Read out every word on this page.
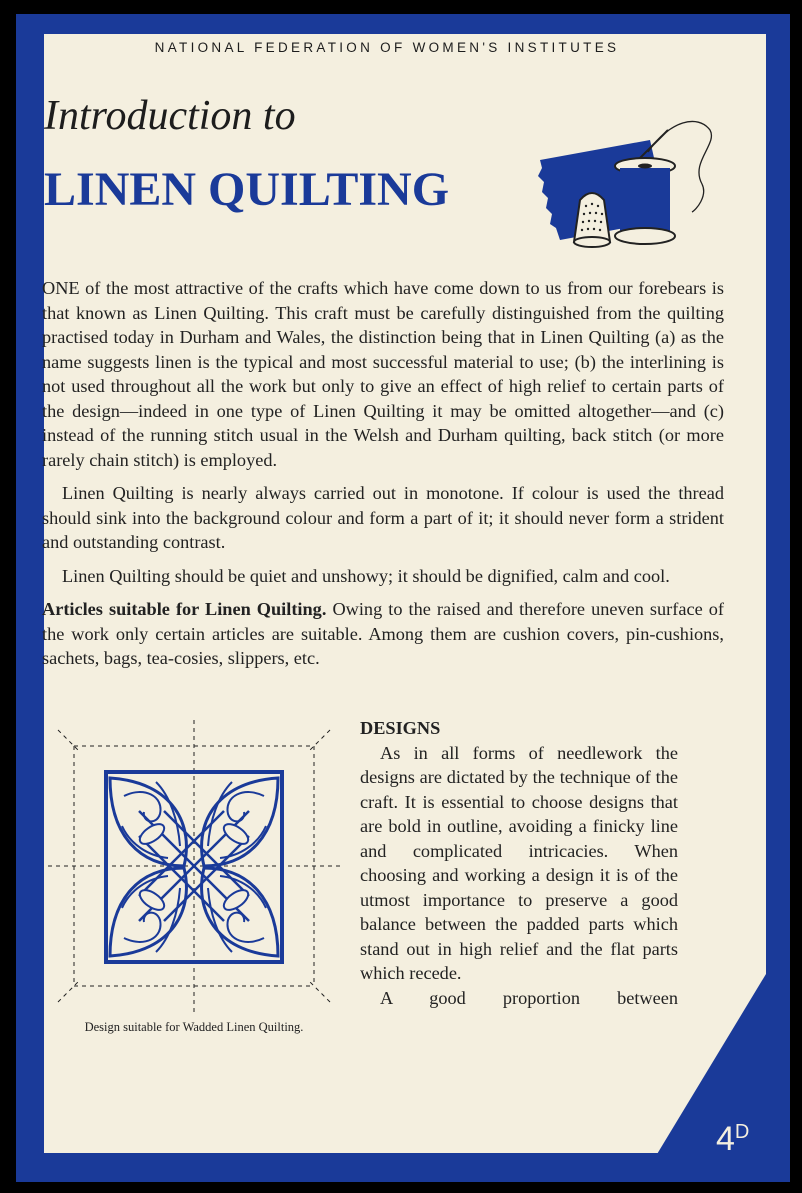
NATIONAL FEDERATION OF WOMEN'S INSTITUTES
Introduction to
LINEN QUILTING

ONE of the most attractive of the crafts which have come down to us from our forebears is that known as Linen Quilting. This craft must be carefully distinguished from the quilting practised today in Durham and Wales, the distinction being that in Linen Quilting (a) as the name suggests linen is the typical and most successful material to use; (b) the interlining is not used throughout all the work but only to give an effect of high relief to certain parts of the design—indeed in one type of Linen Quilting it may be omitted altogether—and (c) instead of the running stitch usual in the Welsh and Durham quilting, back stitch (or more rarely chain stitch) is employed.

Linen Quilting is nearly always carried out in monotone. If colour is used the thread should sink into the background colour and form a part of it; it should never form a strident and outstanding contrast.

Linen Quilting should be quiet and unshowy; it should be dignified, calm and cool.

Articles suitable for Linen Quilting. Owing to the raised and therefore uneven surface of the work only certain articles are suitable. Among them are cushion covers, pin-cushions, sachets, bags, tea-cosies, slippers, etc.

Design suitable for Wadded Linen Quilting.
DESIGNS
As in all forms of needlework the designs are dictated by the technique of the craft. It is essential to choose designs that are bold in outline, avoiding a finicky line and complicated intricacies. When choosing and working a design it is of the utmost importance to preserve a good balance between the padded parts which stand out in high relief and the flat parts which recede.
A good proportion between
$4^D$
